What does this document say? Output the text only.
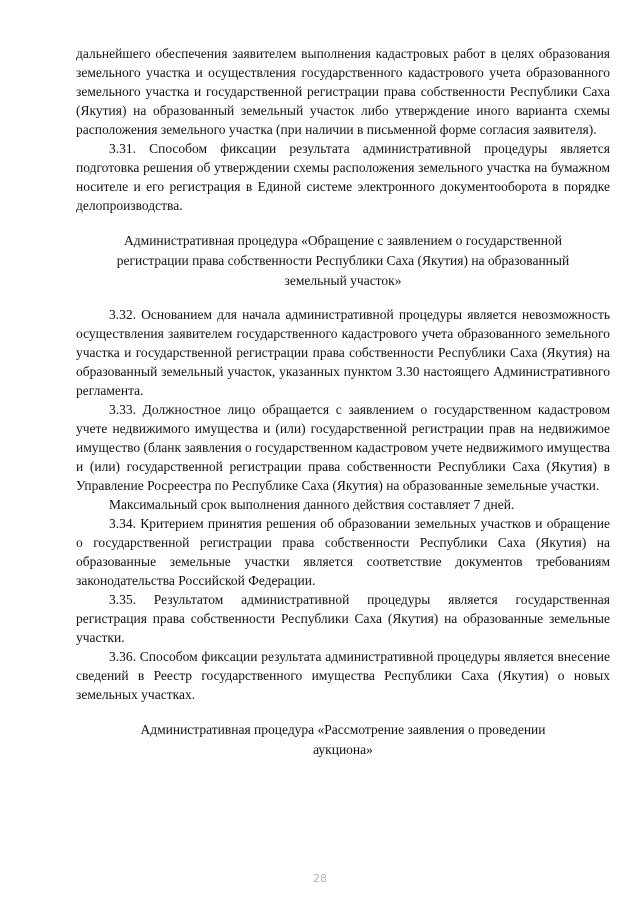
дальнейшего обеспечения заявителем выполнения кадастровых работ в целях образования земельного участка и осуществления государственного кадастрового учета образованного земельного участка и государственной регистрации права собственности Республики Саха (Якутия) на образованный земельный участок либо утверждение иного варианта схемы расположения земельного участка (при наличии в письменной форме согласия заявителя).

3.31. Способом фиксации результата административной процедуры является подготовка решения об утверждении схемы расположения земельного участка на бумажном носителе и его регистрация в Единой системе электронного документооборота в порядке делопроизводства.

Административная процедура «Обращение с заявлением о государственной регистрации права собственности Республики Саха (Якутия) на образованный земельный участок»

3.32. Основанием для начала административной процедуры является невозможность осуществления заявителем государственного кадастрового учета образованного земельного участка и государственной регистрации права собственности Республики Саха (Якутия) на образованный земельный участок, указанных пунктом 3.30 настоящего Административного регламента.

3.33. Должностное лицо обращается с заявлением о государственном кадастровом учете недвижимого имущества и (или) государственной регистрации прав на недвижимое имущество (бланк заявления о государственном кадастровом учете недвижимого имущества и (или) государственной регистрации права собственности Республики Саха (Якутия) в Управление Росреестра по Республике Саха (Якутия) на образованные земельные участки.

Максимальный срок выполнения данного действия составляет 7 дней.

3.34. Критерием принятия решения об образовании земельных участков и обращение о государственной регистрации права собственности Республики Саха (Якутия) на образованные земельные участки является соответствие документов требованиям законодательства Российской Федерации.

3.35. Результатом административной процедуры является государственная регистрация права собственности Республики Саха (Якутия) на образованные земельные участки.

3.36. Способом фиксации результата административной процедуры является внесение сведений в Реестр государственного имущества Республики Саха (Якутия) о новых земельных участках.

Административная процедура «Рассмотрение заявления о проведении аукциона»

28
